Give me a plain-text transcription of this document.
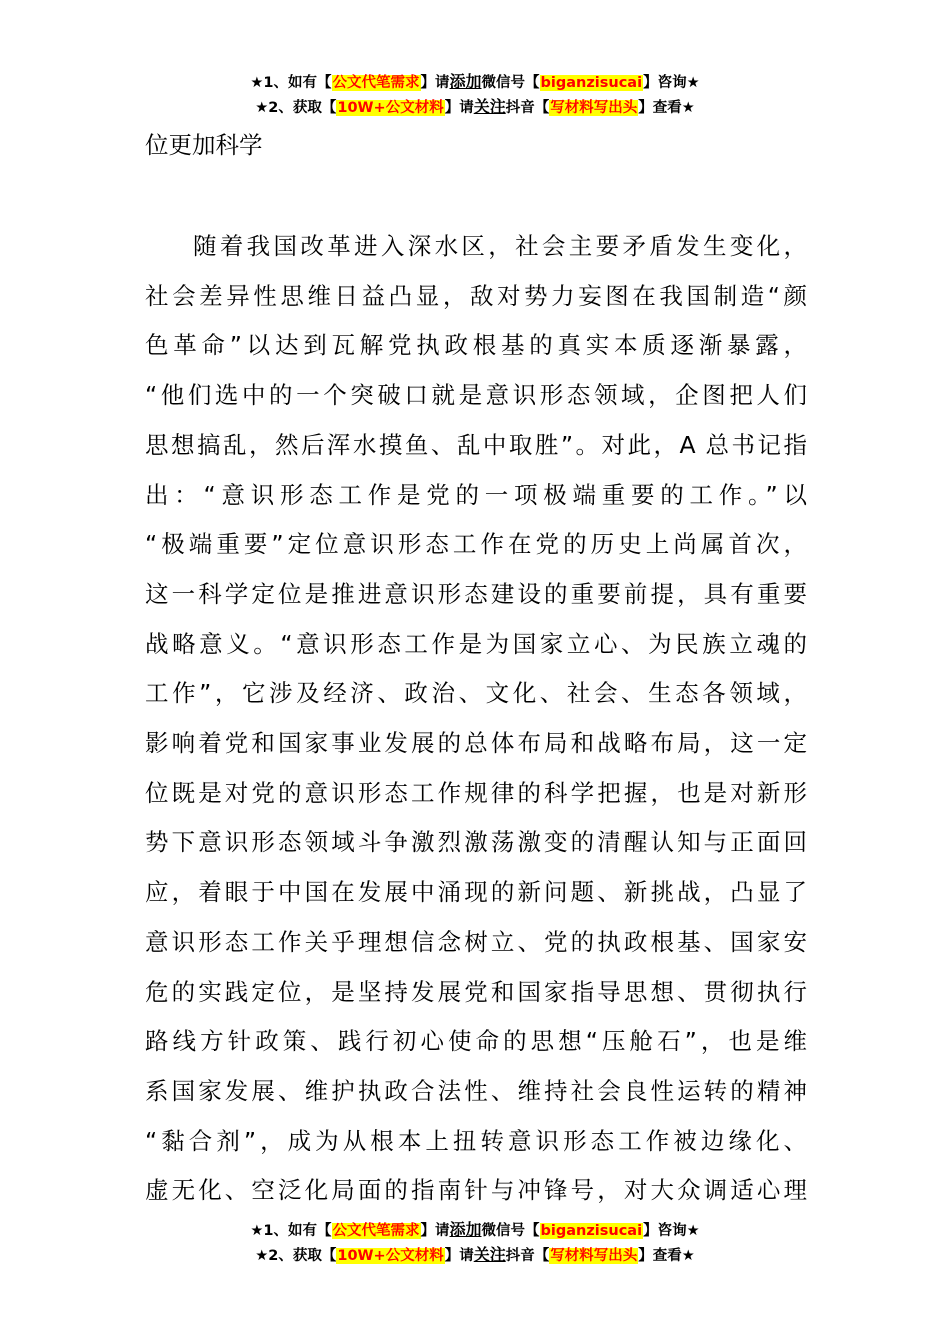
★1、如有【公文代笔需求】请添加微信号【biganzisucai】咨询★
★2、获取【10W+公文材料】请关注抖音【写材料写出头】查看★
位更加科学
随着我国改革进入深水区，社会主要矛盾发生变化，
社会差异性思维日益凸显，敌对势力妄图在我国制造“颜
色革命”以达到瓦解党执政根基的真实本质逐渐暴露，
“他们选中的一个突破口就是意识形态领域，企图把人们
思想搞乱，然后浑水摸鱼、乱中取胜”。对此，A 总书记指
出：“意识形态工作是党的一项极端重要的工作。”以
“极端重要”定位意识形态工作在党的历史上尚属首次，
这一科学定位是推进意识形态建设的重要前提，具有重要
战略意义。“意识形态工作是为国家立心、为民族立魂的
工作”，它涉及经济、政治、文化、社会、生态各领域，
影响着党和国家事业发展的总体布局和战略布局，这一定
位既是对党的意识形态工作规律的科学把握，也是对新形
势下意识形态领域斗争激烈激荡激变的清醒认知与正面回
应，着眼于中国在发展中涌现的新问题、新挑战，凸显了
意识形态工作关乎理想信念树立、党的执政根基、国家安
危的实践定位，是坚持发展党和国家指导思想、贯彻执行
路线方针政策、践行初心使命的思想“压舱石”，也是维
系国家发展、维护执政合法性、维持社会良性运转的精神
“黏合剂”，成为从根本上扭转意识形态工作被边缘化、
虚无化、空泛化局面的指南针与冲锋号，对大众调适心理
★1、如有【公文代笔需求】请添加微信号【biganzisucai】咨询★
★2、获取【10W+公文材料】请关注抖音【写材料写出头】查看★
